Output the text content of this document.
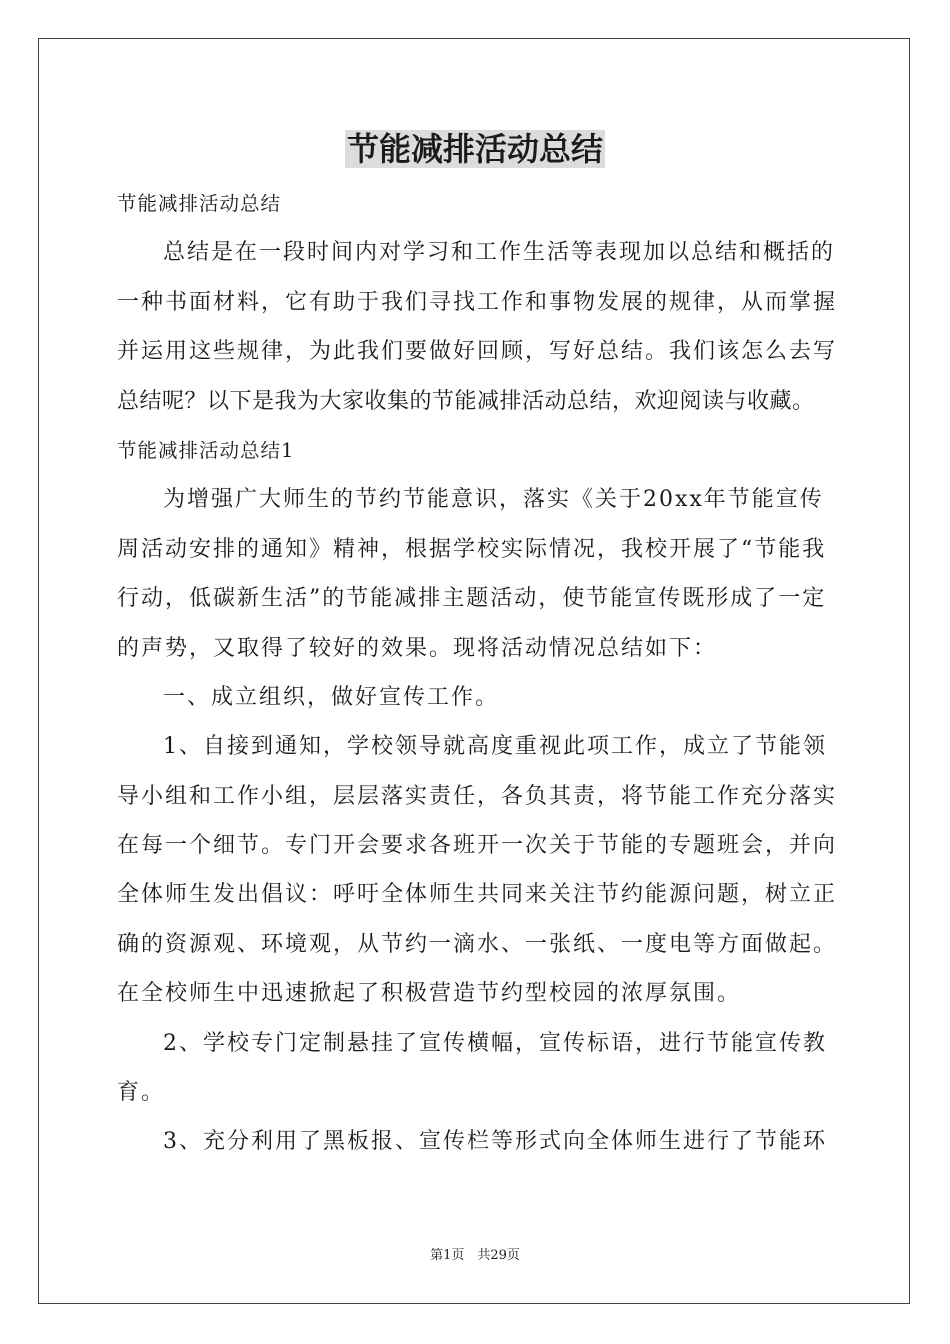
节能减排活动总结
节能减排活动总结
总结是在一段时间内对学习和工作生活等表现加以总结和概括的
一种书面材料，它有助于我们寻找工作和事物发展的规律，从而掌握
并运用这些规律，为此我们要做好回顾，写好总结。我们该怎么去写
总结呢？以下是我为大家收集的节能减排活动总结，欢迎阅读与收藏。
节能减排活动总结1
为增强广大师生的节约节能意识，落实《关于20xx年节能宣传
周活动安排的通知》精神，根据学校实际情况，我校开展了“节能我
行动，低碳新生活”的节能减排主题活动，使节能宣传既形成了一定
的声势，又取得了较好的效果。现将活动情况总结如下：
一、成立组织，做好宣传工作。
1、自接到通知，学校领导就高度重视此项工作，成立了节能领
导小组和工作小组，层层落实责任，各负其责，将节能工作充分落实
在每一个细节。专门开会要求各班开一次关于节能的专题班会，并向
全体师生发出倡议：呼吁全体师生共同来关注节约能源问题，树立正
确的资源观、环境观，从节约一滴水、一张纸、一度电等方面做起。
在全校师生中迅速掀起了积极营造节约型校园的浓厚氛围。
2、学校专门定制悬挂了宣传横幅，宣传标语，进行节能宣传教
育。
3、充分利用了黑板报、宣传栏等形式向全体师生进行了节能环
第1页　共29页
